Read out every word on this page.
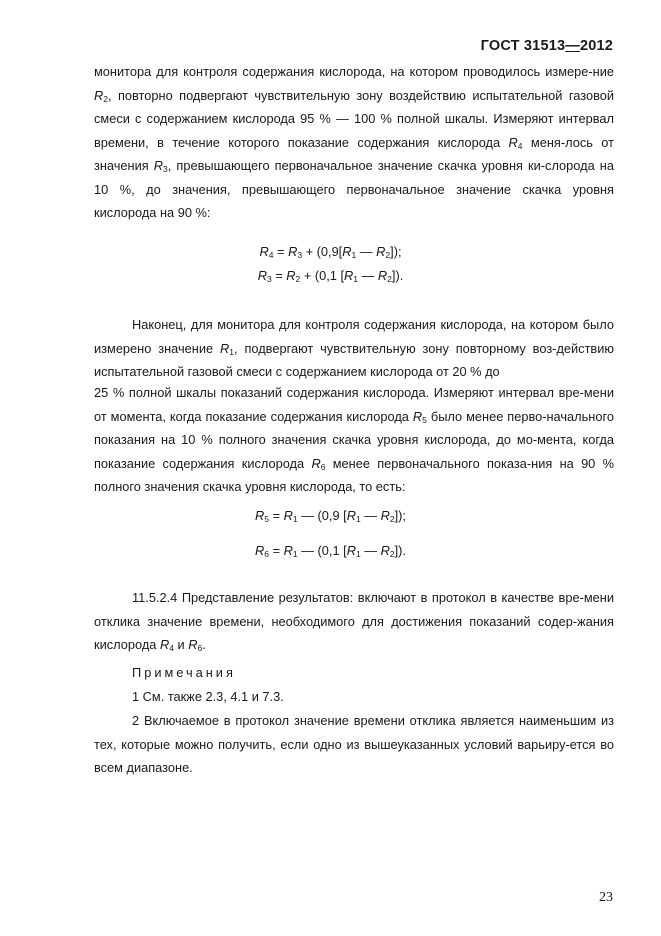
ГОСТ 31513—2012
монитора для контроля содержания кислорода, на котором проводилось измере-ние $R_2$, повторно подвергают чувствительную зону воздействию испытательной газовой смеси с содержанием кислорода 95 % — 100 % полной шкалы. Измеряют интервал времени, в течение которого показание содержания кислорода $R_4$ меня-лось от значения $R_3$, превышающего первоначальное значение скачка уровня ки-слорода на 10 %, до значения, превышающего первоначальное значение скачка уровня кислорода на 90 %:
$R_4 = R_3 + (0,9[R_1$ — $R_2$]);
$R_3 = R_2 + (0,1$ [$R_1$ — $R_2$]).
Наконец, для монитора для контроля содержания кислорода, на котором было измерено значение $R_1$, подвергают чувствительную зону повторному воз-действию испытательной газовой смеси с содержанием кислорода от 20 % до
25 % полной шкалы показаний содержания кислорода. Измеряют интервал вре-мени от момента, когда показание содержания кислорода $R_5$ было менее перво-начального показания на 10 % полного значения скачка уровня кислорода, до мо-мента, когда показание содержания кислорода $R_6$ менее первоначального показа-ния на 90 % полного значения скачка уровня кислорода, то есть:
$R_5 = R_1$ — (0,9 [$R_1$ — $R_2$]);
$R_6 = R_1$ — (0,1 [$R_1$ — $R_2$]).
11.5.2.4 Представление результатов: включают в протокол в качестве вре-мени отклика значение времени, необходимого для достижения показаний содер-жания кислорода $R_4$ и $R_6$.
Примечания
1 См. также 2.3, 4.1 и 7.3.
2 Включаемое в протокол значение времени отклика является наименьшим из тех, которые можно получить, если одно из вышеуказанных условий варьиру-ется во всем диапазоне.
23
